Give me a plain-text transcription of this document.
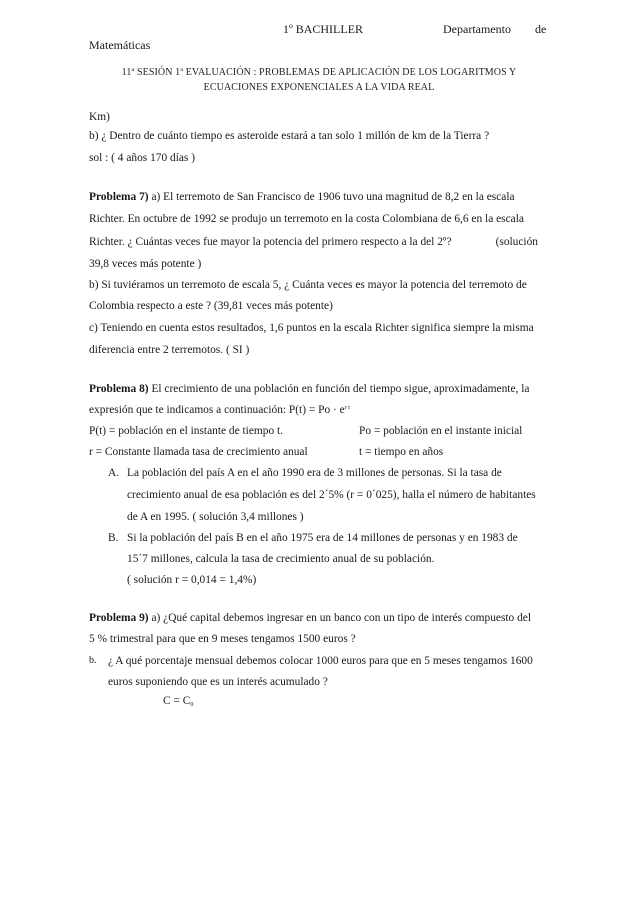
1º BACHILLER	Departamento de
Matemáticas
11ª SESIÓN 1ª EVALUACIÓN : PROBLEMAS DE APLICACIÓN DE LOS LOGARITMOS Y
ECUACIONES EXPONENCIALES A LA VIDA REAL
Km)
b) ¿ Dentro de cuánto tiempo es asteroide estará a tan solo 1 millón de km de la Tierra ?
sol : ( 4 años 170 días )
Problema 7) a) El terremoto de San Francisco de 1906 tuvo una magnitud de 8,2 en la escala
Richter. En octubre de 1992 se produjo un terremoto en la costa Colombiana de 6,6 en la escala
Richter. ¿ Cuántas veces fue mayor la potencia del primero respecto a la del 2º?	(solución
39,8 veces más potente )
b) Si tuviéramos un terremoto de escala 5, ¿ Cuánta veces es mayor la potencia del terremoto de
Colombia respecto a este ? (39,81 veces más potente)
c) Teniendo en cuenta estos resultados, 1,6 puntos en la escala Richter significa siempre la misma
diferencia entre 2 terremotos. ( SI )
Problema 8) El crecimiento de una población en función del tiempo sigue, aproximadamente, la
expresión que te indicamos a continuación: $P(t) = Po \cdot e^{r t}$
P(t) = población en el instante de tiempo t.	Po = población en el instante inicial
r = Constante llamada tasa de crecimiento anual	t = tiempo en años
A. La población del país A en el año 1990 era de 3 millones de personas. Si la tasa de
crecimiento anual de esa población es del 2´5% (r = 0´025), halla el número de habitantes
de A en 1995. ( solución 3,4 millones )
B. Si la población del país B en el año 1975 era de 14 millones de personas y en 1983 de
15´7 millones, calcula la tasa de crecimiento anual de su población.
( solución r = 0,014 = 1,4%)
Problema 9) a) ¿Qué capital debemos ingresar en un banco con un tipo de interés compuesto del
5 % trimestral para que en 9 meses tengamos 1500 euros ?
b. ¿ A qué porcentaje mensual debemos colocar 1000 euros para que en 5 meses tengamos 1600
euros suponiendo que es un interés acumulado ?
$C = C_0$
